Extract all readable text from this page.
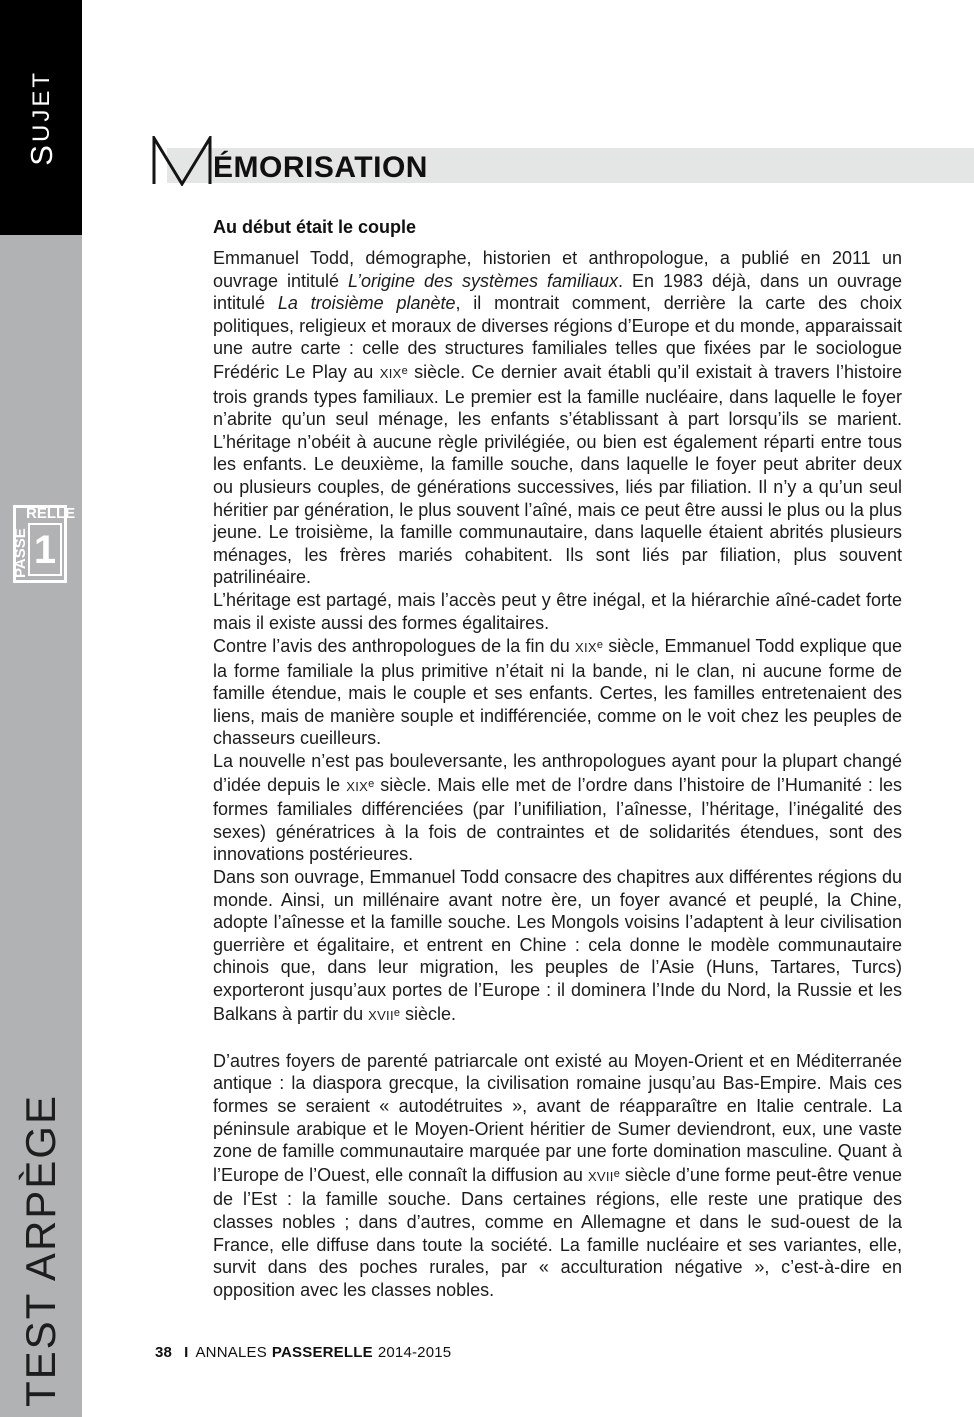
SUJET
RELLE
PASSE 1
TEST ARPÈGE
ÉMORISATION
Au début était le couple

Emmanuel Todd, démographe, historien et anthropologue, a publié en 2011 un ouvrage intitulé L’origine des systèmes familiaux. En 1983 déjà, dans un ouvrage intitulé La troisième planète, il montrait comment, derrière la carte des choix politiques, religieux et moraux de diverses régions d’Europe et du monde, apparaissait une autre carte : celle des structures familiales telles que fixées par le sociologue Frédéric Le Play au XIXe siècle. Ce dernier avait établi qu’il existait à travers l’histoire trois grands types familiaux. Le premier est la famille nucléaire, dans laquelle le foyer n’abrite qu’un seul ménage, les enfants s’établissant à part lorsqu’ils se marient. L’héritage n’obéit à aucune règle privilégiée, ou bien est également réparti entre tous les enfants. Le deuxième, la famille souche, dans laquelle le foyer peut abriter deux ou plusieurs couples, de générations successives, liés par filiation. Il n’y a qu’un seul héritier par génération, le plus souvent l’aîné, mais ce peut être aussi le plus ou la plus jeune. Le troisième, la famille communautaire, dans laquelle étaient abrités plusieurs ménages, les frères mariés cohabitent. Ils sont liés par filiation, plus souvent patrilinéaire.

L’héritage est partagé, mais l’accès peut y être inégal, et la hiérarchie aîné-cadet forte mais il existe aussi des formes égalitaires.

Contre l’avis des anthropologues de la fin du XIXe siècle, Emmanuel Todd explique que la forme familiale la plus primitive n’était ni la bande, ni le clan, ni aucune forme de famille étendue, mais le couple et ses enfants. Certes, les familles entretenaient des liens, mais de manière souple et indifférenciée, comme on le voit chez les peuples de chasseurs cueilleurs.

La nouvelle n’est pas bouleversante, les anthropologues ayant pour la plupart changé d’idée depuis le XIXe siècle. Mais elle met de l’ordre dans l’histoire de l’Humanité : les formes familiales différenciées (par l’unifiliation, l’aînesse, l’héritage, l’inégalité des sexes) génératrices à la fois de contraintes et de solidarités étendues, sont des innovations postérieures.

Dans son ouvrage, Emmanuel Todd consacre des chapitres aux différentes régions du monde. Ainsi, un millénaire avant notre ère, un foyer avancé et peuplé, la Chine, adopte l’aînesse et la famille souche. Les Mongols voisins l’adaptent à leur civilisation guerrière et égalitaire, et entrent en Chine : cela donne le modèle communautaire chinois que, dans leur migration, les peuples de l’Asie (Huns, Tartares, Turcs) exporteront jusqu’aux portes de l’Europe : il dominera l’Inde du Nord, la Russie et les Balkans à partir du XVIIe siècle.

D’autres foyers de parenté patriarcale ont existé au Moyen-Orient et en Méditerranée antique : la diaspora grecque, la civilisation romaine jusqu’au Bas-Empire. Mais ces formes se seraient « autodétruites », avant de réapparaître en Italie centrale. La péninsule arabique et le Moyen-Orient héritier de Sumer deviendront, eux, une vaste zone de famille communautaire marquée par une forte domination masculine. Quant à l’Europe de l’Ouest, elle connaît la diffusion au XVIIe siècle d’une forme peut-être venue de l’Est : la famille souche. Dans certaines régions, elle reste une pratique des classes nobles ; dans d’autres, comme en Allemagne et dans le sud-ouest de la France, elle diffuse dans toute la société. La famille nucléaire et ses variantes, elle, survit dans des poches rurales, par « acculturation négative », c’est-à-dire en opposition avec les classes nobles.

38 I ANNALES PASSERELLE 2014-2015
